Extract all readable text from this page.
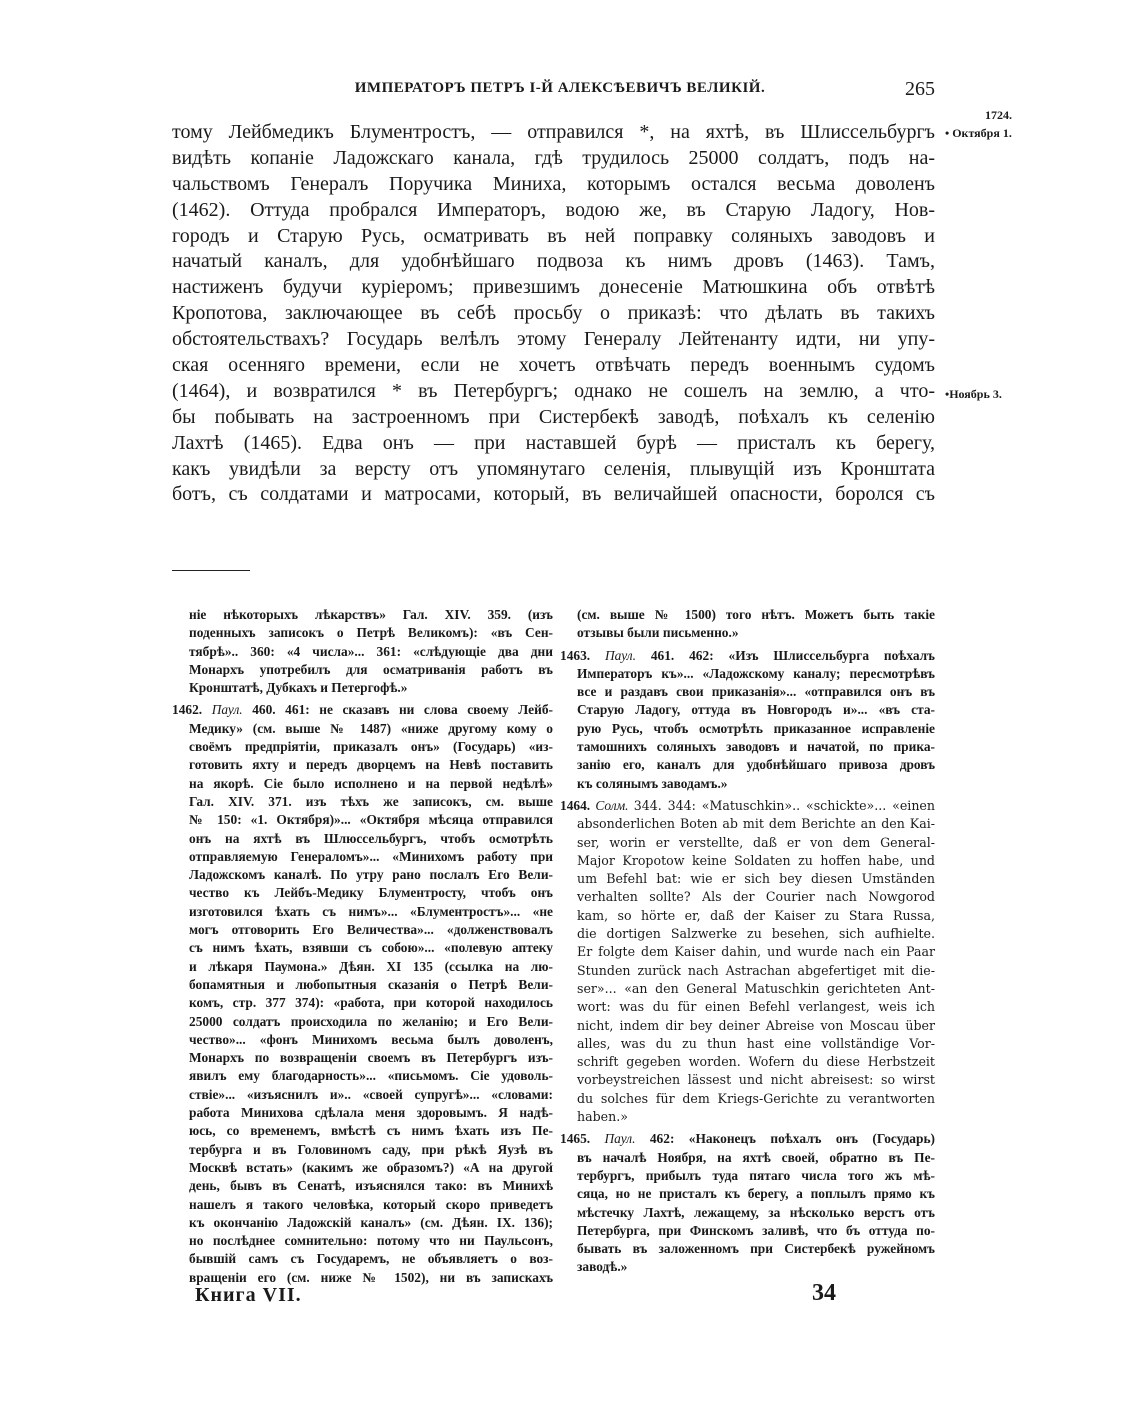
ИМПЕРАТОРЪ ПЕТРЪ I-Й АЛЕКСѢЕВИЧЪ ВЕЛИКІЙ.	265
1724.
• Октября 1.
•Ноябрь 3.
тому Лейбмедикъ Блументростъ, — отправился *, на яхтѣ, въ Шлиссельбургъ
видѣть копаніе Ладожскаго канала, гдѣ трудилось 25000 солдатъ, подъ на-
чальствомъ Генералъ Поручика Миниха, которымъ остался весьма доволенъ
(1462). Оттуда пробрался Императоръ, водою же, въ Старую Ладогу, Нов-
городъ и Старую Русь, осматривать въ ней поправку соляныхъ заводовъ и
начатый каналъ, для удобнѣйшаго подвоза къ нимъ дровъ (1463). Тамъ,
настиженъ будучи куріеромъ; привезшимъ донесеніе Матюшкина объ отвѣтѣ
Кропотова, заключающее въ себѣ просьбу о приказѣ: что дѣлать въ такихъ
обстоятельствахъ? Государь велѣлъ этому Генералу Лейтенанту идти, ни упу-
ская осенняго времени, если не хочетъ отвѣчать передъ военнымъ судомъ
(1464), и возвратился * въ Петербургъ; однако не сошелъ на землю, а что-
бы побывать на застроенномъ при Систербекѣ заводѣ, поѣхалъ къ селенію
Лахтѣ (1465). Едва онъ — при наставшей бурѣ — присталъ къ берегу,
какъ увидѣли за версту отъ упомянутаго селенія, плывущій изъ Кронштата
ботъ, съ солдатами и матросами, который, въ величайшей опасности, боролся съ
ніе нѣкоторыхъ лѣкарствъ» Гал. XIV. 359. (изъ
поденныхъ записокъ о Петрѣ Великомъ): «въ Сен-
тябрѣ».. 360: «4 числа»... 361: «слѣдующіе два дни
Монархъ употребилъ для осматриванія работъ въ
Кронштатѣ, Дубкахъ и Петергофѣ.»
1462. Паул. 460. 461: не сказавъ ни слова своему Лейб-
Медику» (см. выше № 1487) «ниже другому кому о
своёмъ предпріятіи, приказалъ онъ» (Государь) «из-
готовить яхту и передъ дворцемъ на Невѣ поставить
на якорѣ. Сіе было исполнено и на первой недѣлѣ»
Гал. XIV. 371. изъ тѣхъ же записокъ, см. выше
№ 150: «1. Октября)»... «Октября мѣсяца отправился
онъ на яхтѣ въ Шлюссельбургъ, чтобъ осмотрѣть
отправляемую Генераломъ»... «Минихомъ работу при
Ладожскомъ каналѣ. По утру рано послалъ Его Вели-
чество къ Лейбъ-Медику Блументросту, чтобъ онъ
изготовился ѣхать съ нимъ»... «Блументростъ»... «не
могъ отговорить Его Величества»... «долженствовалъ
съ нимъ ѣхать, взявши съ собою»... «полевую аптеку
и лѣкаря Паумона.» Дѣян. XI 135 (ссылка на лю-
бопамятныя и любопытныя сказанія о Петрѣ Вели-
комъ, стр. 377 374): «работа, при которой находилось
25000 солдатъ происходила по желанію; и Его Вели-
чество»... «фонъ Минихомъ весьма былъ доволенъ,
Монархъ по возвращеніи своемъ въ Петербургъ изъ-
явилъ ему благодарность»... «письмомъ. Сіе удоволь-
ствіе»... «изъяснилъ и».. «своей супругѣ»... «словами:
работа Минихова сдѣлала меня здоровымъ. Я надѣ-
юсь, со временемъ, вмѣстѣ съ нимъ ѣхать изъ Пе-
тербурга и въ Головиномъ саду, при рѣкѣ Яузѣ въ
Москвѣ встать» (какимъ же образомъ?) «А на другой
день, бывъ въ Сенатѣ, изъяснялся тако: въ Минихѣ
нашелъ я такого человѣка, который скоро приведетъ
къ окончанію Ладожскій каналъ» (см. Дѣян. IX. 136);
но послѣднее сомнительно: потому что ни Паульсонъ,
бывшій самъ съ Государемъ, не объявляетъ о воз-
вращеніи его (см. ниже № 1502), ни въ запискахъ
(см. выше № 1500) того нѣтъ. Можетъ быть такіе
отзывы были письменно.»
1463. Паул. 461. 462: «Изъ Шлиссельбурга поѣхалъ
Императоръ къ»... «Ладожскому каналу; пересмотрѣвъ
все и раздавъ свои приказанія»... «отправился онъ въ
Старую Ладогу, оттуда въ Новгородъ и»... «въ ста-
рую Русь, чтобъ осмотрѣть приказанное исправленіе
тамошнихъ соляныхъ заводовъ и начатой, по прика-
занію его, каналъ для удобнѣйшаго привоза дровъ
къ солянымъ заводамъ.»
1464. Солм. 344. 344: «Matuschkin».. «schickte»... «einen
absonderlichen Boten ab mit dem Berichte an den Kai-
ser, worin er verstellte, daß er von dem General-
Major Kropotow keine Soldaten zu hoffen habe, und
um Befehl bat: wie er sich bey diesen Umständen
verhalten sollte? Als der Courier nach Nowgorod
kam, so hörte er, daß der Kaiser zu Stara Russa,
die dortigen Salzwerke zu besehen, sich aufhielte.
Er folgte dem Kaiser dahin, und wurde nach ein Paar
Stunden zurück nach Astrachan abgefertiget mit die-
ser»... «an den General Matuschkin gerichteten Ant-
wort: was du für einen Befehl verlangest, weis ich
nicht, indem dir bey deiner Abreise von Moscau über
alles, was du zu thun hast eine vollständige Vor-
schrift gegeben worden. Wofern du diese Herbstzeit
vorbeystreichen lässest und nicht abreisest: so wirst
du solches für dem Kriegs-Gerichte zu verantworten
haben.»
1465. Паул. 462: «Наконецъ поѣхалъ онъ (Государь)
въ началѣ Ноября, на яхтѣ своей, обратно въ Пе-
тербургъ, прибылъ туда пятаго числа того жъ мѣ-
сяца, но не присталъ къ берегу, а поплылъ прямо къ
мѣстечку Лахтѣ, лежащему, за нѣсколько верстъ отъ
Петербурга, при Финскомъ заливѣ, что бъ оттуда по-
бывать въ заложенномъ при Систербекѣ ружейномъ
заводѣ.»
Книга VII.	34
